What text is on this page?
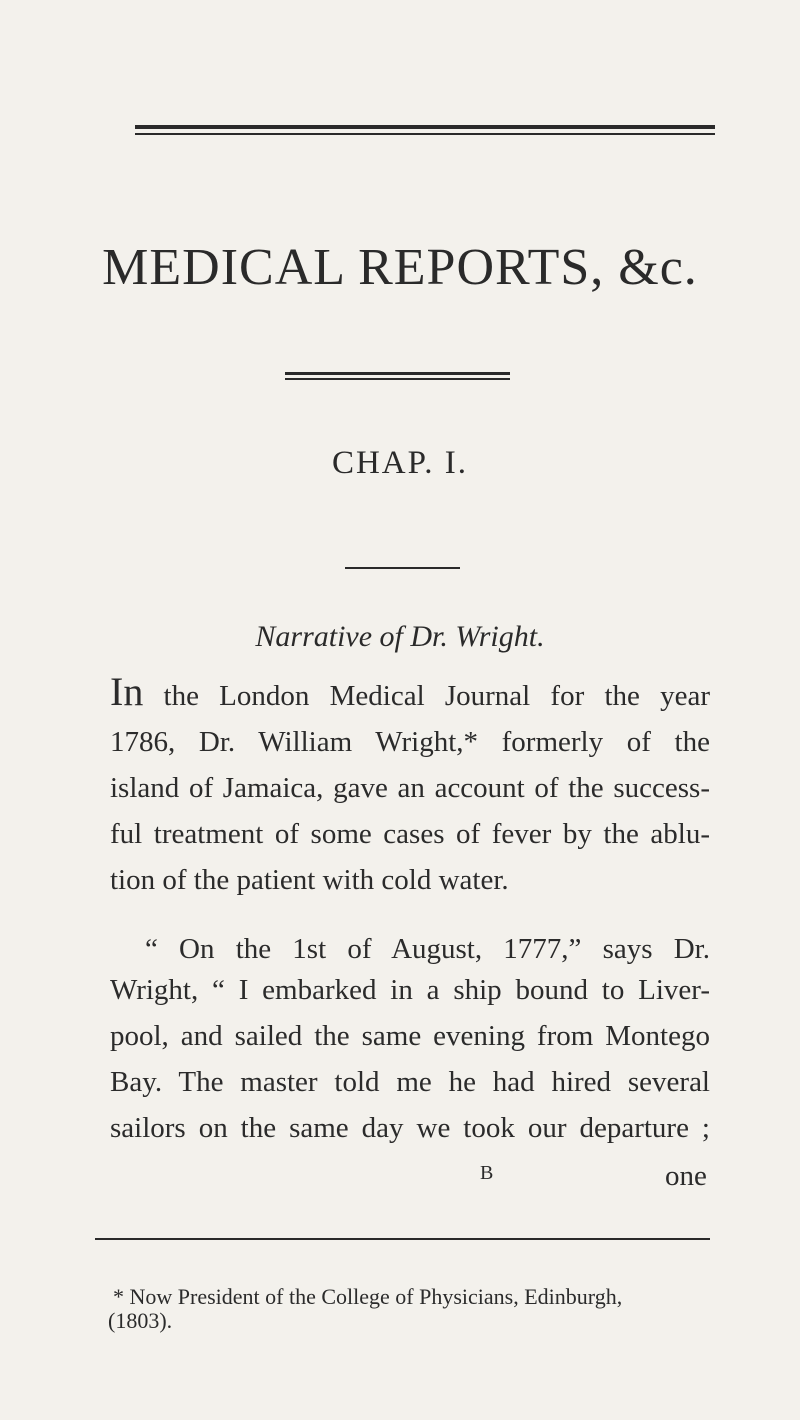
MEDICAL REPORTS, &c.
CHAP. I.
Narrative of Dr. Wright.
In the London Medical Journal for the year
1786, Dr. William Wright,* formerly of the
island of Jamaica, gave an account of the success-
ful treatment of some cases of fever by the ablu-
tion of the patient with cold water.
“ On the 1st of August, 1777,” says Dr.
Wright, “ I embarked in a ship bound to Liver-
pool, and sailed the same evening from Montego
Bay. The master told me he had hired several
sailors on the same day we took our departure ;
B	one
* Now President of the College of Physicians, Edinburgh,
(1803).
